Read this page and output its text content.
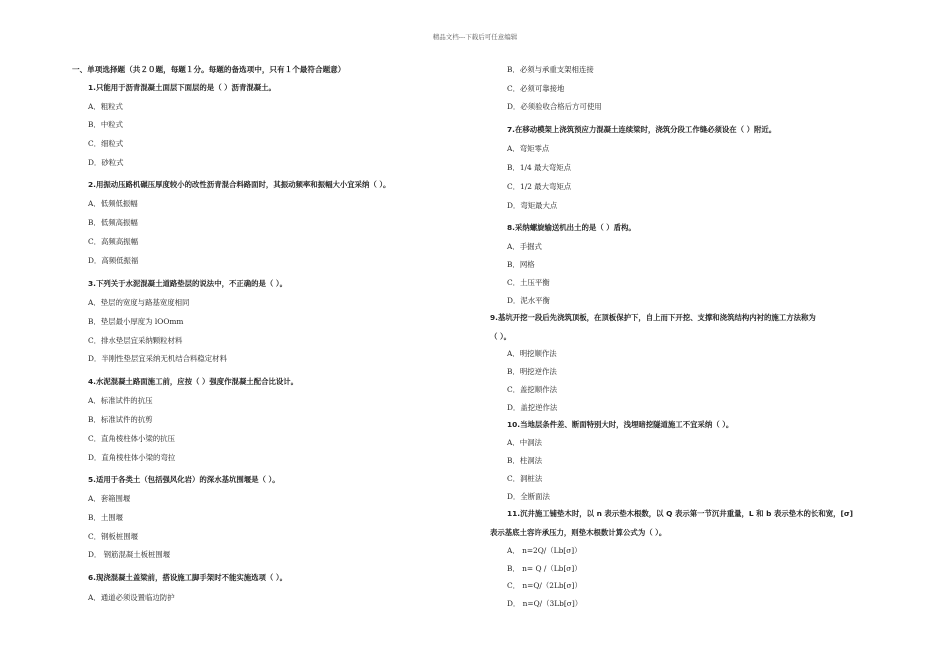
精品文档---下载后可任意编辑
一、单项选择题（共２０题，每题１分。每题的备选项中，只有１个最符合题意）
1.只能用于沥青混凝土面层下面层的是（ ）沥青混凝土。
A．粗粒式
B．中粒式
C．细粒式
D．砂粒式
2.用振动压路机碾压厚度较小的改性沥青混合料路面时，其振动频率和振幅大小宜采纳（ ）。
A．低频低振幅
B．低频高振幅
C．高频高振幅
D．高频低振福
3.下列关于水泥混凝土道路垫层的说法中，不正确的是（ ）。
A．垫层的宽度与路基宽度相同
B．垫层最小厚度为 lOOmm
C．排水垫层宜采纳颗粒材料
D．半刚性垫层宜采纳无机结合料稳定材料
4.水泥混凝土路面施工前，应按（ ）强度作混凝土配合比设计。
A．标准试件的抗压
B．标准试件的抗剪
C．直角棱柱体小梁的抗压
D．直角棱柱体小梁的弯拉
5.适用于各类土（包括强风化岩）的深水基坑围堰是（ ）。
A．套箱围堰
B．土围堰
C．钢板桩围堰
D． 钢筋混凝土板桩围堰
6.现浇混凝土盖梁前，搭设施工脚手架时不能实施选项（ ）。
A．通道必须设置临边防护
B．必须与承重支架相连接
C．必须可靠接地
D．必须验收合格后方可使用
7.在移动模架上浇筑预应力混凝土连续梁时，浇筑分段工作缝必须设在（ ）附近。
A．弯矩零点
B．1/4 最大弯矩点
C．1/2 最大弯矩点
D．弯矩最大点
8.采纳螺旋输送机出土的是（ ）盾构。
A．手掘式
B．网格
C．土压平衡
D．泥水平衡
9.基坑开挖一段后先浇筑顶板，在顶板保护下，自上而下开挖、支撑和浇筑结构内衬的施工方法称为
（ ）。
A．明挖顺作法
B．明挖逆作法
C．盖挖顺作法
D．盖挖逆作法
10.当地层条件差、断面特别大时，浅埋暗挖隧道施工不宜采纳（ ）。
A．中洞法
B．柱洞法
C．洞桩法
D．全断面法
11.沉井施工铺垫木时，以 n 表示垫木根数，以 Q 表示第一节沉井重量，L 和 b 表示垫木的长和宽，[σ]
表示基底土容许承压力，则垫木根数计算公式为（ ）。
A． n=2Q/（Lb[σ]）
B． n= Q /（Lb[σ]）
C． n=Q/（2Lb[σ]）
D． n=Q/（3Lb[σ]）
